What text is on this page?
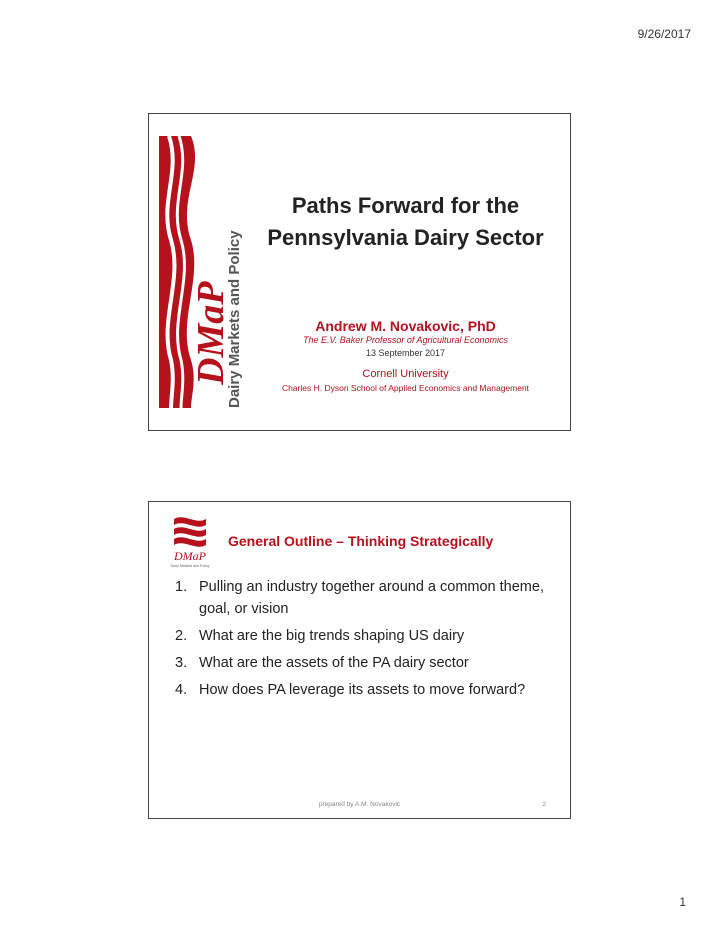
9/26/2017
DMaP
Dairy Markets and Policy
Paths Forward for the
Pennsylvania Dairy Sector
Andrew M. Novakovic, PhD
The E.V. Baker Professor of Agricultural Economics
13 September 2017
Cornell University
Charles H. Dyson School of Applied Economics and Management
DMaP
Dairy Markets and Policy
General Outline – Thinking Strategically
1. Pulling an industry together around a common theme, goal, or vision
2. What are the big trends shaping US dairy
3. What are the assets of the PA dairy sector
4. How does PA leverage its assets to move forward?
prepared by A.M. Novakovic	2
1
